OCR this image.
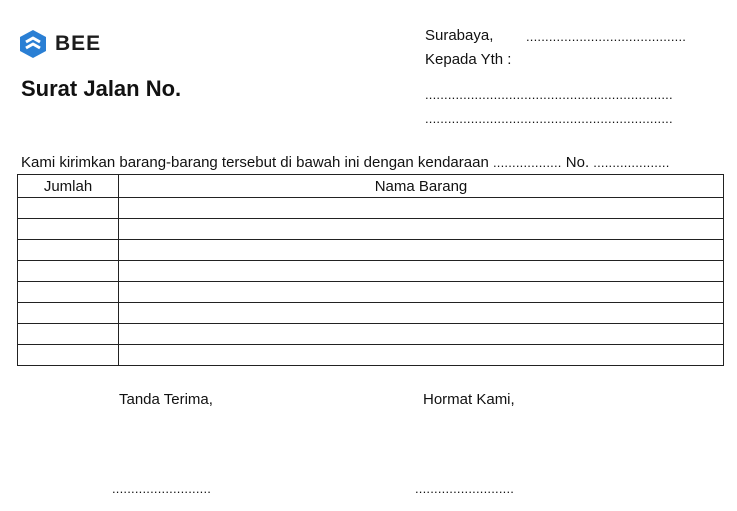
BEE
Surat Jalan No.
Surabaya,	..........................................
Kepada Yth :
.................................................................
.................................................................
Kami kirimkan barang-barang tersebut di bawah ini dengan kendaraan .................. No. ....................
Jumlah	Nama Barang

Tanda Terima,	Hormat Kami,
..........................	..........................
